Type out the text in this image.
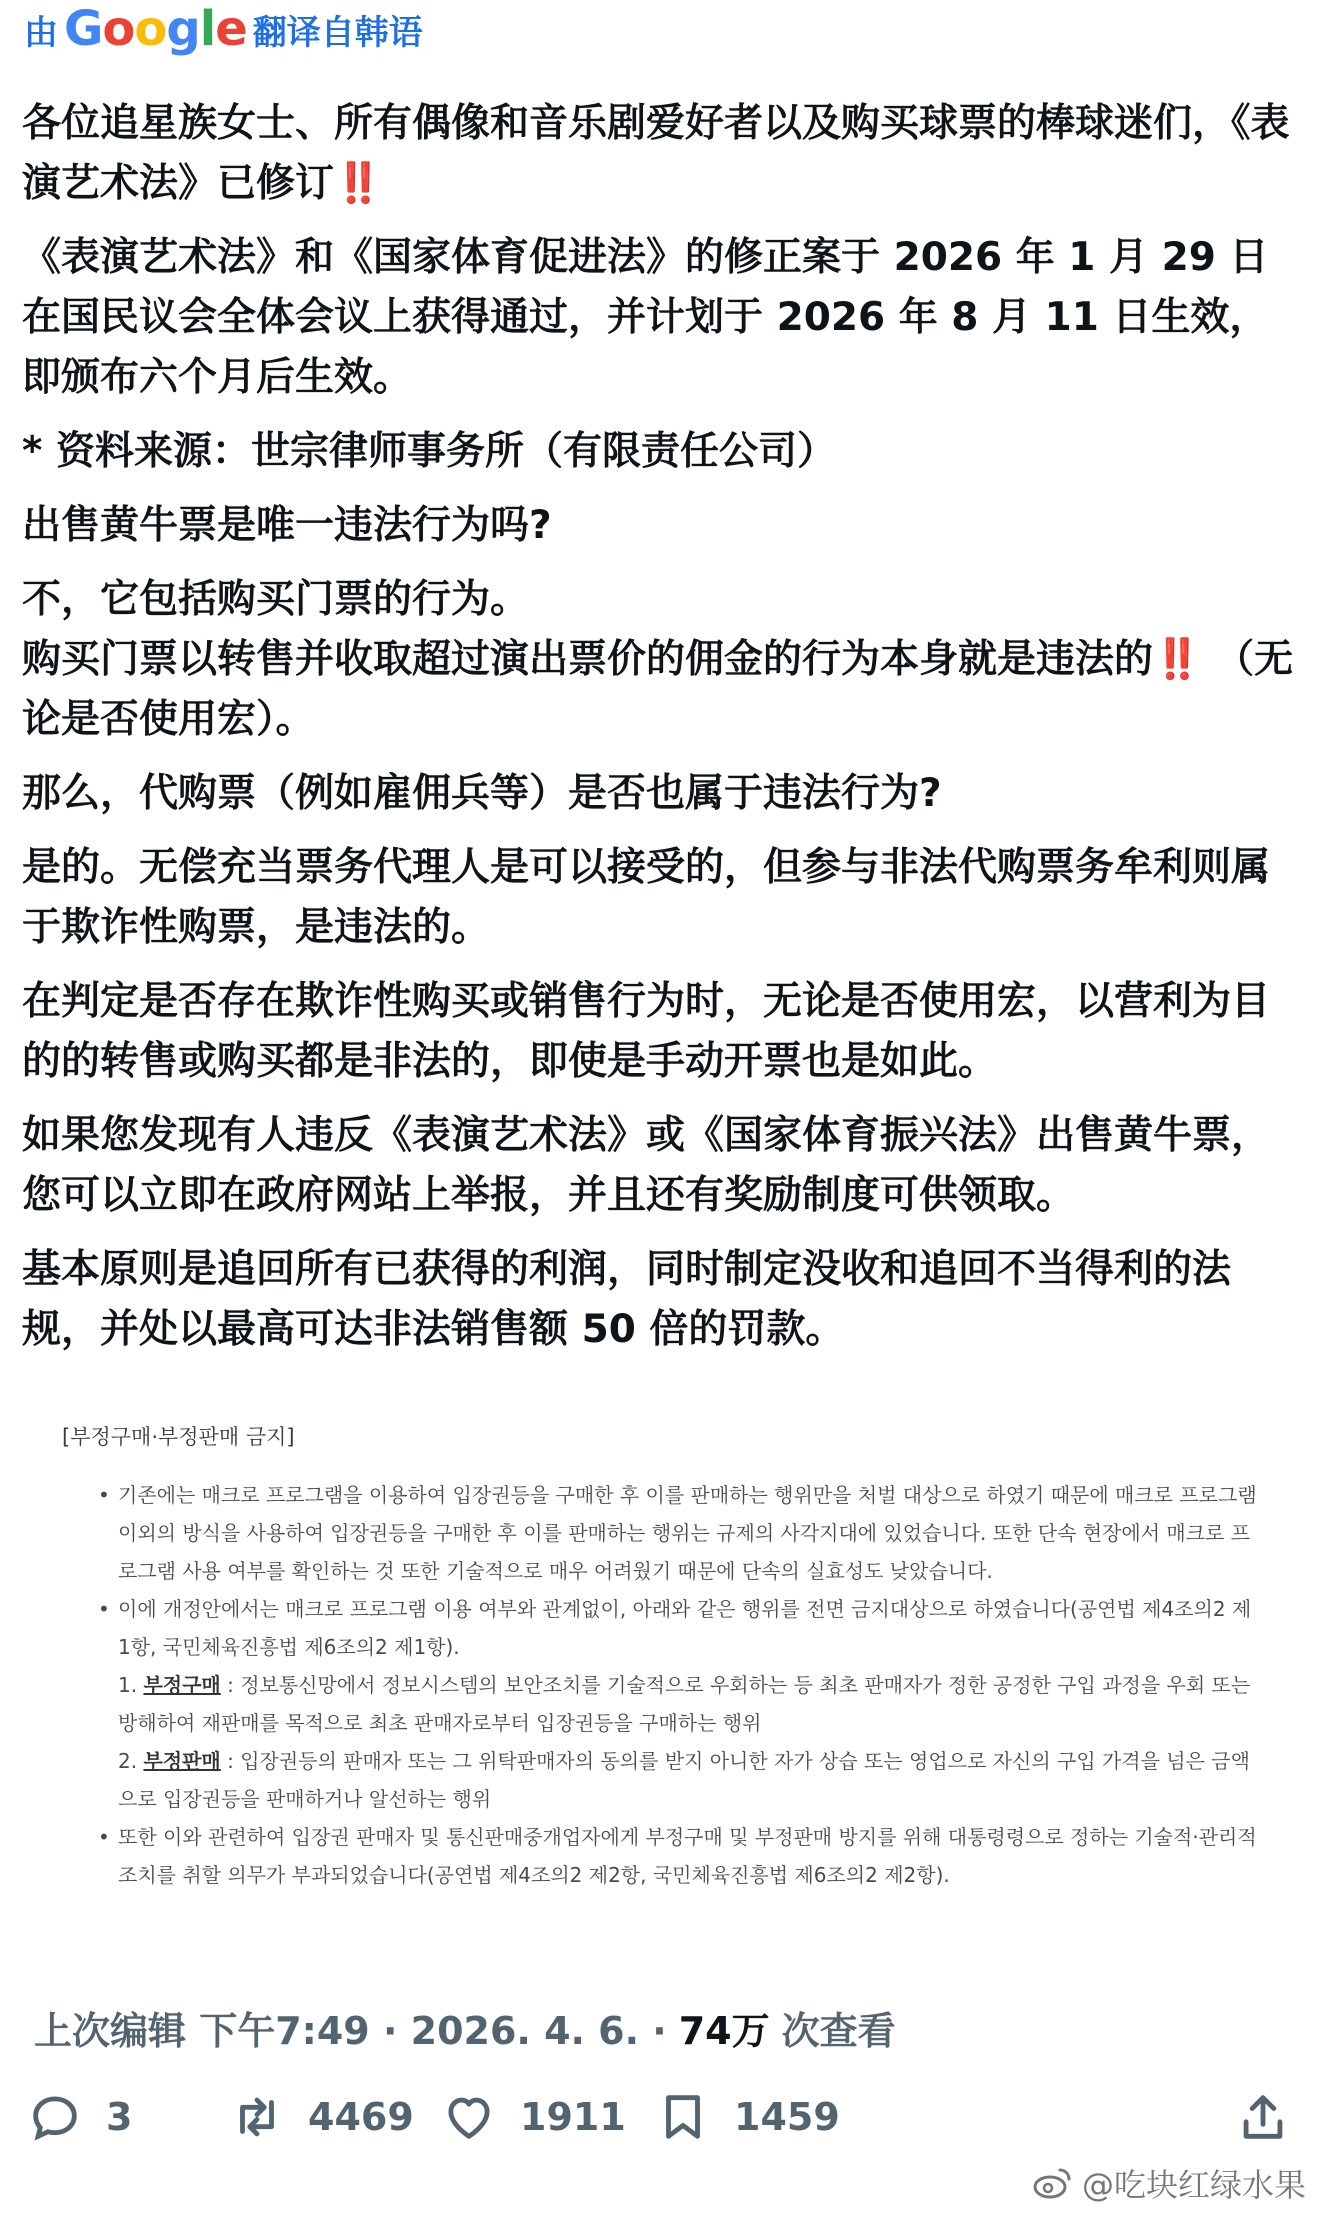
由 Google 翻译自韩语

各位追星族女士、所有偶像和音乐剧爱好者以及购买球票的棒球迷们，《表演艺术法》已修订‼️

《表演艺术法》和《国家体育促进法》的修正案于 2026 年 1 月 29 日在国民议会全体会议上获得通过，并计划于 2026 年 8 月 11 日生效，即颁布六个月后生效。

* 资料来源：世宗律师事务所（有限责任公司）

出售黄牛票是唯一违法行为吗?

不，它包括购买门票的行为。

购买门票以转售并收取超过演出票价的佣金的行为本身就是违法的‼️ （无论是否使用宏）。

那么，代购票（例如雇佣兵等）是否也属于违法行为?

是的。无偿充当票务代理人是可以接受的，但参与非法代购票务牟利则属于欺诈性购票，是违法的。

在判定是否存在欺诈性购买或销售行为时，无论是否使用宏，以营利为目的的转售或购买都是非法的，即使是手动开票也是如此。

如果您发现有人违反《表演艺术法》或《国家体育振兴法》出售黄牛票，您可以立即在政府网站上举报，并且还有奖励制度可供领取。

基本原则是追回所有已获得的利润，同时制定没收和追回不当得利的法规，并处以最高可达非法销售额 50 倍的罚款。

[부정구매·부정판매 금지]

• 기존에는 매크로 프로그램을 이용하여 입장권등을 구매한 후 이를 판매하는 행위만을 처벌 대상으로 하였기 때문에 매크로 프로그램 이외의 방식을 사용하여 입장권등을 구매한 후 이를 판매하는 행위는 규제의 사각지대에 있었습니다. 또한 단속 현장에서 매크로 프로그램 사용 여부를 확인하는 것 또한 기술적으로 매우 어려웠기 때문에 단속의 실효성도 낮았습니다.

• 이에 개정안에서는 매크로 프로그램 이용 여부와 관계없이, 아래와 같은 행위를 전면 금지대상으로 하였습니다(공연법 제4조의2 제1항, 국민체육진흥법 제6조의2 제1항).

1. 부정구매 : 정보통신망에서 정보시스템의 보안조치를 기술적으로 우회하는 등 최초 판매자가 정한 공정한 구입 과정을 우회 또는 방해하여 재판매를 목적으로 최초 판매자로부터 입장권등을 구매하는 행위

2. 부정판매 : 입장권등의 판매자 또는 그 위탁판매자의 동의를 받지 아니한 자가 상습 또는 영업으로 자신의 구입 가격을 넘은 금액으로 입장권등을 판매하거나 알선하는 행위

• 또한 이와 관련하여 입장권 판매자 및 통신판매중개업자에게 부정구매 및 부정판매 방지를 위해 대통령령으로 정하는 기술적·관리적 조치를 취할 의무가 부과되었습니다(공연법 제4조의2 제2항, 국민체육진흥법 제6조의2 제2항).

上次编辑 下午7:49 · 2026. 4. 6. · 74万 次查看
3	4469	1911	1459
@吃块红绿水果
